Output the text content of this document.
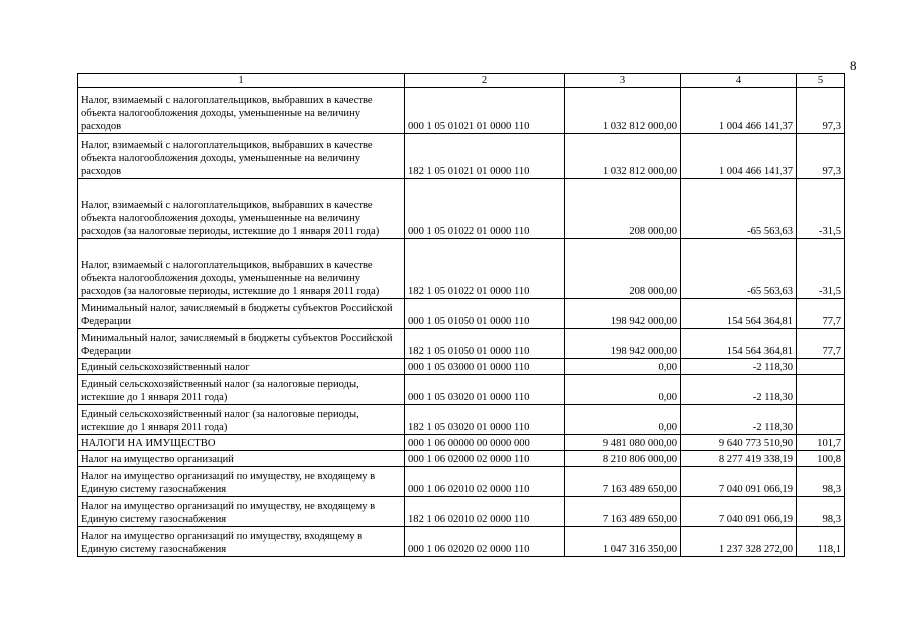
8
1	2	3	4	5
Налог, взимаемый с налогоплательщиков, выбравших в качестве объекта налогообложения доходы, уменьшенные на величину расходов	000 1 05 01021 01 0000 110	1 032 812 000,00	1 004 466 141,37	97,3
Налог, взимаемый с налогоплательщиков, выбравших в качестве объекта налогообложения доходы, уменьшенные на величину расходов	182 1 05 01021 01 0000 110	1 032 812 000,00	1 004 466 141,37	97,3
Налог, взимаемый с налогоплательщиков, выбравших в качестве объекта налогообложения доходы, уменьшенные на величину расходов (за налоговые периоды, истекшие до 1 января 2011 года)	000 1 05 01022 01 0000 110	208 000,00	-65 563,63	-31,5
Налог, взимаемый с налогоплательщиков, выбравших в качестве объекта налогообложения доходы, уменьшенные на величину расходов (за налоговые периоды, истекшие до 1 января 2011 года)	182 1 05 01022 01 0000 110	208 000,00	-65 563,63	-31,5
Минимальный налог, зачисляемый в бюджеты субъектов Российской Федерации	000 1 05 01050 01 0000 110	198 942 000,00	154 564 364,81	77,7
Минимальный налог, зачисляемый в бюджеты субъектов Российской Федерации	182 1 05 01050 01 0000 110	198 942 000,00	154 564 364,81	77,7
Единый сельскохозяйственный налог	000 1 05 03000 01 0000 110	0,00	-2 118,30	
Единый сельскохозяйственный налог (за налоговые периоды, истекшие до 1 января 2011 года)	000 1 05 03020 01 0000 110	0,00	-2 118,30	
Единый сельскохозяйственный налог (за налоговые периоды, истекшие до 1 января 2011 года)	182 1 05 03020 01 0000 110	0,00	-2 118,30	
НАЛОГИ НА ИМУЩЕСТВО	000 1 06 00000 00 0000 000	9 481 080 000,00	9 640 773 510,90	101,7
Налог на имущество организаций	000 1 06 02000 02 0000 110	8 210 806 000,00	8 277 419 338,19	100,8
Налог на имущество организаций по имуществу, не входящему в Единую систему газоснабжения	000 1 06 02010 02 0000 110	7 163 489 650,00	7 040 091 066,19	98,3
Налог на имущество организаций по имуществу, не входящему в Единую систему газоснабжения	182 1 06 02010 02 0000 110	7 163 489 650,00	7 040 091 066,19	98,3
Налог на имущество организаций по имуществу, входящему в Единую систему газоснабжения	000 1 06 02020 02 0000 110	1 047 316 350,00	1 237 328 272,00	118,1
